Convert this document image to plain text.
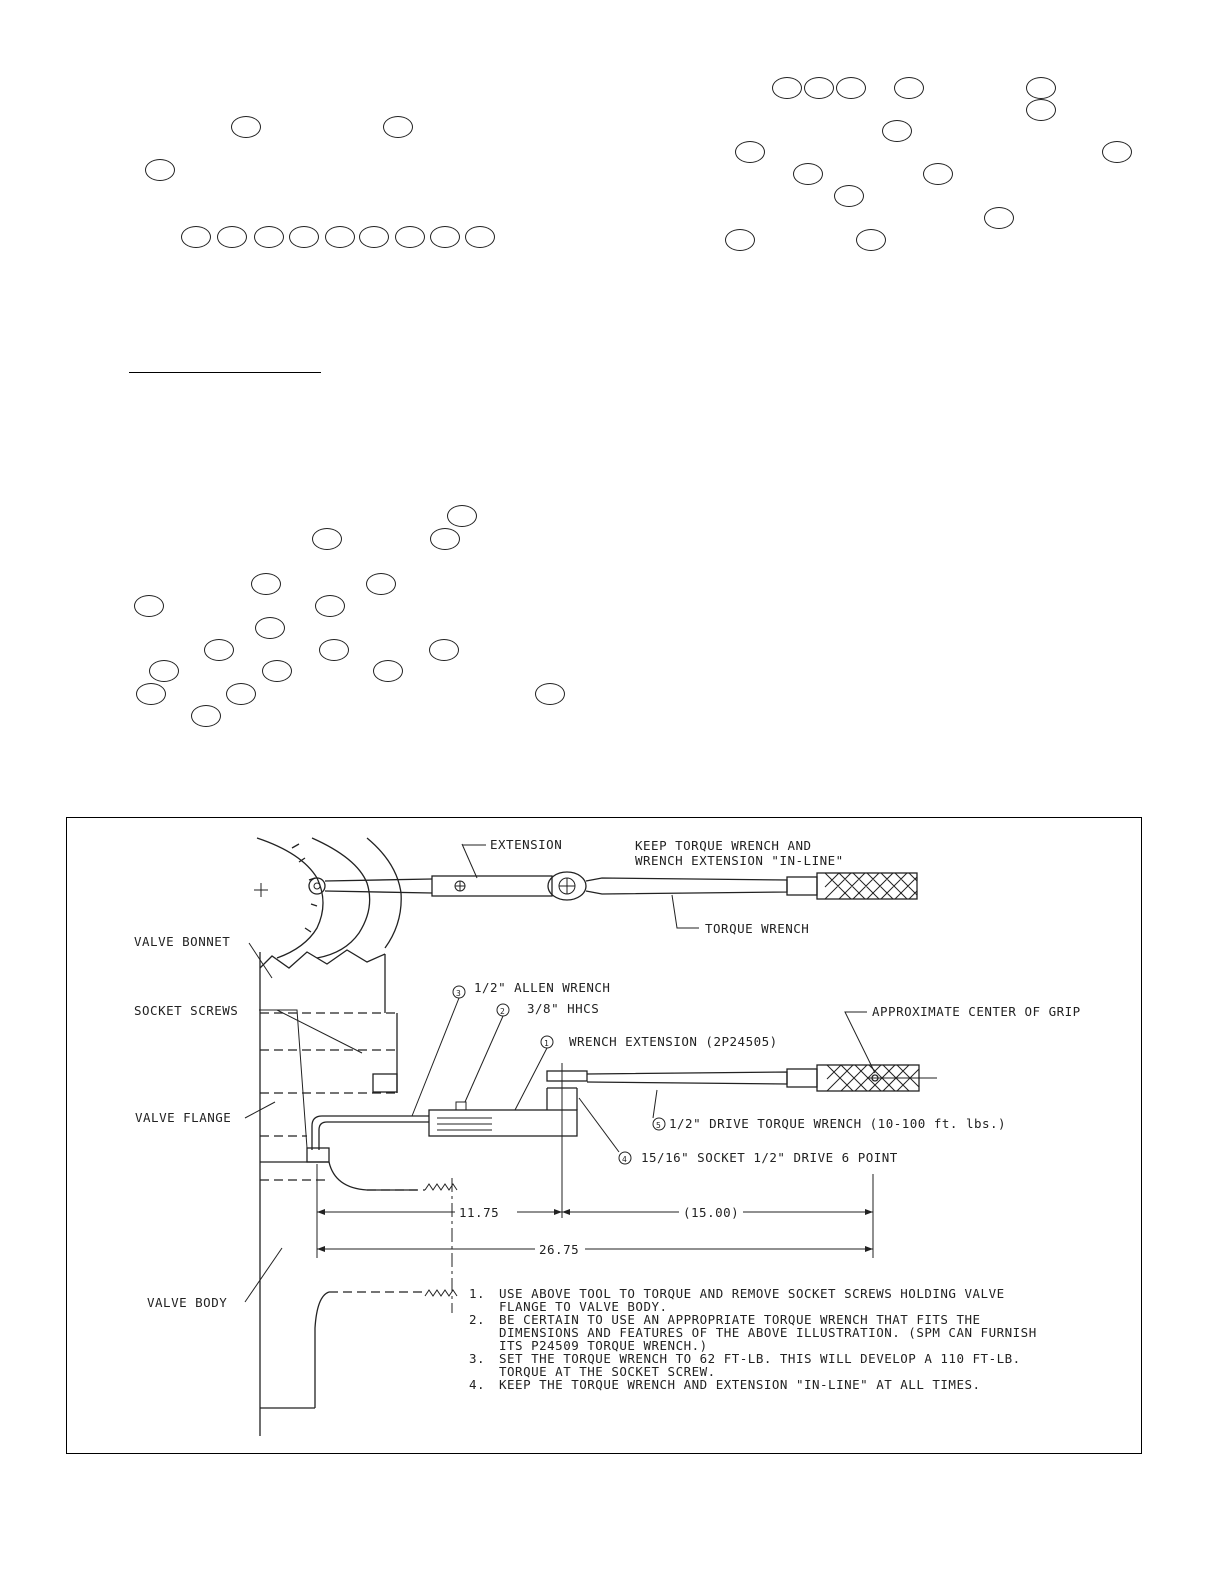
EXTENSION	KEEP TORQUE WRENCH AND
WRENCH EXTENSION "IN-LINE"
TORQUE WRENCH
VALVE BONNET
SOCKET SCREWS
VALVE FLANGE
VALVE BODY
3 1/2" ALLEN WRENCH
2 3/8" HHCS
1 WRENCH EXTENSION (2P24505)
APPROXIMATE CENTER OF GRIP
5 1/2" DRIVE TORQUE WRENCH (10-100 ft. lbs.)
4 15/16" SOCKET 1/2" DRIVE 6 POINT
11.75	(15.00)
26.75
1. USE ABOVE TOOL TO TORQUE AND REMOVE SOCKET SCREWS HOLDING VALVE
FLANGE TO VALVE BODY.
2. BE CERTAIN TO USE AN APPROPRIATE TORQUE WRENCH THAT FITS THE
DIMENSIONS AND FEATURES OF THE ABOVE ILLUSTRATION. (SPM CAN FURNISH
ITS P24509 TORQUE WRENCH.)
3. SET THE TORQUE WRENCH TO 62 FT-LB. THIS WILL DEVELOP A 110 FT-LB.
TORQUE AT THE SOCKET SCREW.
4. KEEP THE TORQUE WRENCH AND EXTENSION "IN-LINE" AT ALL TIMES.
